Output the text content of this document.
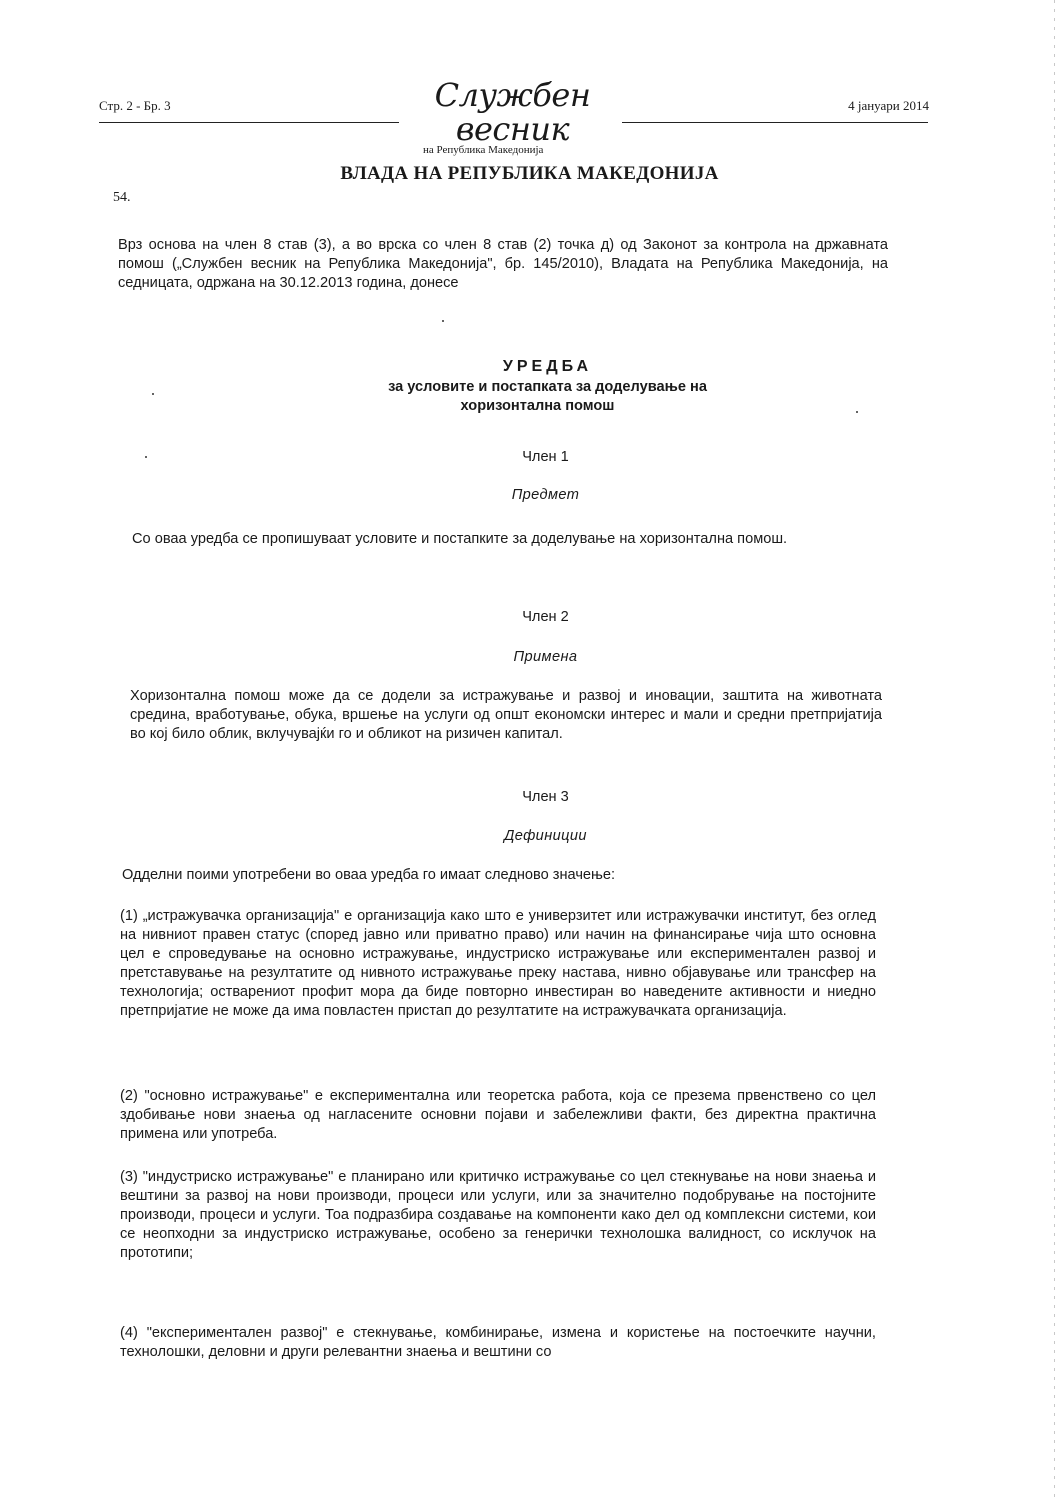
Стр. 2 - Бр. 3	Службен весник
на Република Македонија
4 јануари 2014
ВЛАДА НА РЕПУБЛИКА МАКЕДОНИЈА
54.
Врз основа на член 8 став (3), а во врска со член 8 став (2) точка д) од Законот за контрола на државната помош („Службен весник на Република Македонија", бр. 145/2010), Владата на Република Македонија, на седницата, одржана на 30.12.2013 година, донесе
УРЕДБА
за условите и постапката за доделување на
хоризонтална помош
Член 1
Предмет
Со оваа уредба се пропишуваат условите и постапките за доделување на хоризонтална помош.
Член 2
Примена
Хоризонтална помош може да се додели за истражување и развој и иновации, заштита на животната средина, вработување, обука, вршење на услуги од општ економски интерес и мали и средни претпријатија во кој било облик, вклучувајќи го и обликот на ризичен капитал.
Член 3
Дефиниции
Одделни поими употребени во оваа уредба го имаат следново значење:
(1) „истражувачка организација" е организација како што е универзитет или истражувачки институт, без оглед на нивниот правен статус (според јавно или приватно право) или начин на финансирање чија што основна цел е спроведување на основно истражување, индустриско истражување или експериментален развој и претставување на резултатите од нивното истражување преку настава, нивно објавување или трансфер на технологија; остварениот профит мора да биде повторно инвестиран во наведените активности и ниедно претпријатие не може да има повластен пристап до резултатите на истражувачката организација.
(2) "основно истражување" е експериментална или теоретска работа, која се презема првенствено со цел здобивање нови знаења од нагласените основни појави и забележливи факти, без директна практична примена или употреба.
(3) "индустриско истражување" е планирано или критичко истражување со цел стекнување на нови знаења и вештини за развој на нови производи, процеси или услуги, или за значително подобрување на постојните производи, процеси и услуги. Тоа подразбира создавање на компоненти како дел од комплексни системи, кои се неопходни за индустриско истражување, особено за генерички технолошка валидност, со исклучок на прототипи;
(4) "експериментален развој" е стекнување, комбинирање, измена и користење на постоечките научни, технолошки, деловни и други релевантни знаења и вештини со
